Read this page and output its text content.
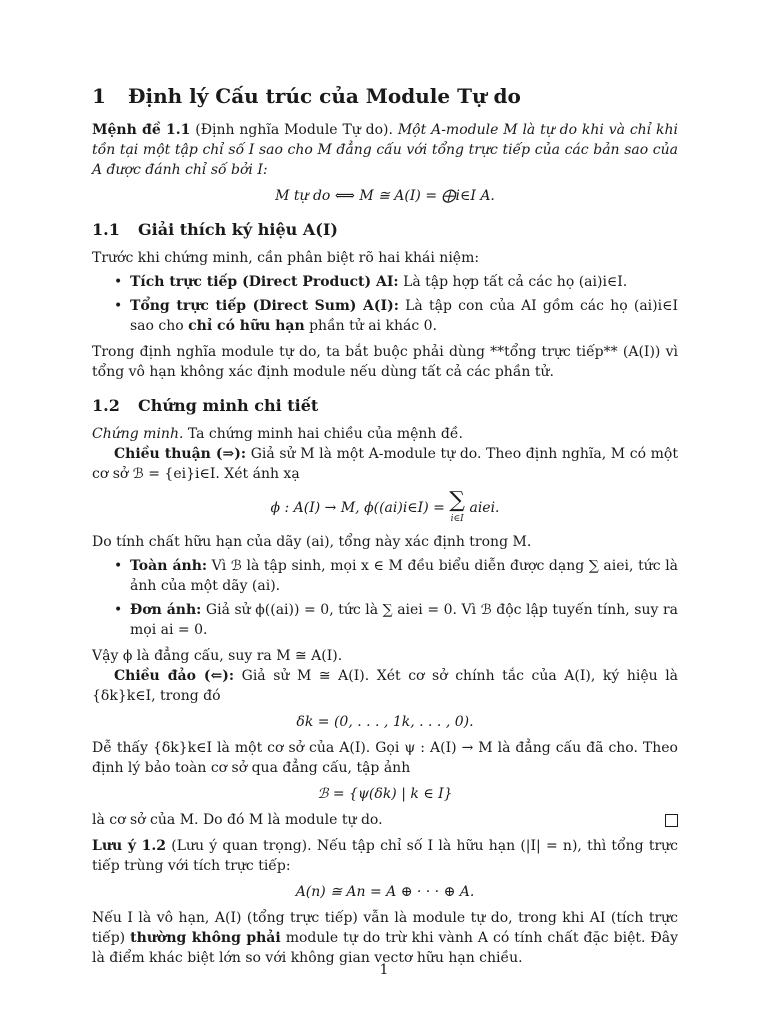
1 Định lý Cấu trúc của Module Tự do

Mệnh đề 1.1 (Định nghĩa Module Tự do). Một A-module M là tự do khi và chỉ khi tồn tại một tập chỉ số I sao cho M đẳng cấu với tổng trực tiếp của các bản sao của A được đánh chỉ số bởi I:

M tự do ⟺ M ≅ A(I) = ⨁i∈I A.
1.1 Giải thích ký hiệu A(I)

Trước khi chứng minh, cần phân biệt rõ hai khái niệm:

• Tích trực tiếp (Direct Product) AI: Là tập hợp tất cả các họ (ai)i∈I.
• Tổng trực tiếp (Direct Sum) A(I): Là tập con của AI gồm các họ (ai)i∈I sao cho chỉ có hữu hạn phần tử ai khác 0.

Trong định nghĩa module tự do, ta bắt buộc phải dùng **tổng trực tiếp** (A(I)) vì tổng vô hạn không xác định module nếu dùng tất cả các phần tử.

1.2 Chứng minh chi tiết

Chứng minh. Ta chứng minh hai chiều của mệnh đề.

Chiều thuận (⇒): Giả sử M là một A-module tự do. Theo định nghĩa, M có một cơ sở ℬ = {ei}i∈I. Xét ánh xạ

ϕ : A(I) → M, ϕ((ai)i∈I) = ∑
i∈I
aiei.

Do tính chất hữu hạn của dãy (ai), tổng này xác định trong M.

• Toàn ánh: Vì ℬ là tập sinh, mọi x ∈ M đều biểu diễn được dạng ∑ aiei, tức là ảnh của một dãy (ai).
• Đơn ánh: Giả sử ϕ((ai)) = 0, tức là ∑ aiei = 0. Vì ℬ độc lập tuyến tính, suy ra mọi ai = 0.

Vậy ϕ là đẳng cấu, suy ra M ≅ A(I).

Chiều đảo (⇐): Giả sử M ≅ A(I). Xét cơ sở chính tắc của A(I), ký hiệu là {δk}k∈I, trong đó

δk = (0, . . . , 1k, . . . , 0).

Dễ thấy {δk}k∈I là một cơ sở của A(I). Gọi ψ : A(I) → M là đẳng cấu đã cho. Theo định lý bảo toàn cơ sở qua đẳng cấu, tập ảnh

ℬ = {ψ(δk) | k ∈ I}

là cơ sở của M. Do đó M là module tự do.

Lưu ý 1.2 (Lưu ý quan trọng). Nếu tập chỉ số I là hữu hạn (|I| = n), thì tổng trực tiếp trùng với tích trực tiếp:

A(n) ≅ An = A ⊕ · · · ⊕ A.

Nếu I là vô hạn, A(I) (tổng trực tiếp) vẫn là module tự do, trong khi AI (tích trực tiếp) thường không phải module tự do trừ khi vành A có tính chất đặc biệt. Đây là điểm khác biệt lớn so với không gian vectơ hữu hạn chiều.

1
